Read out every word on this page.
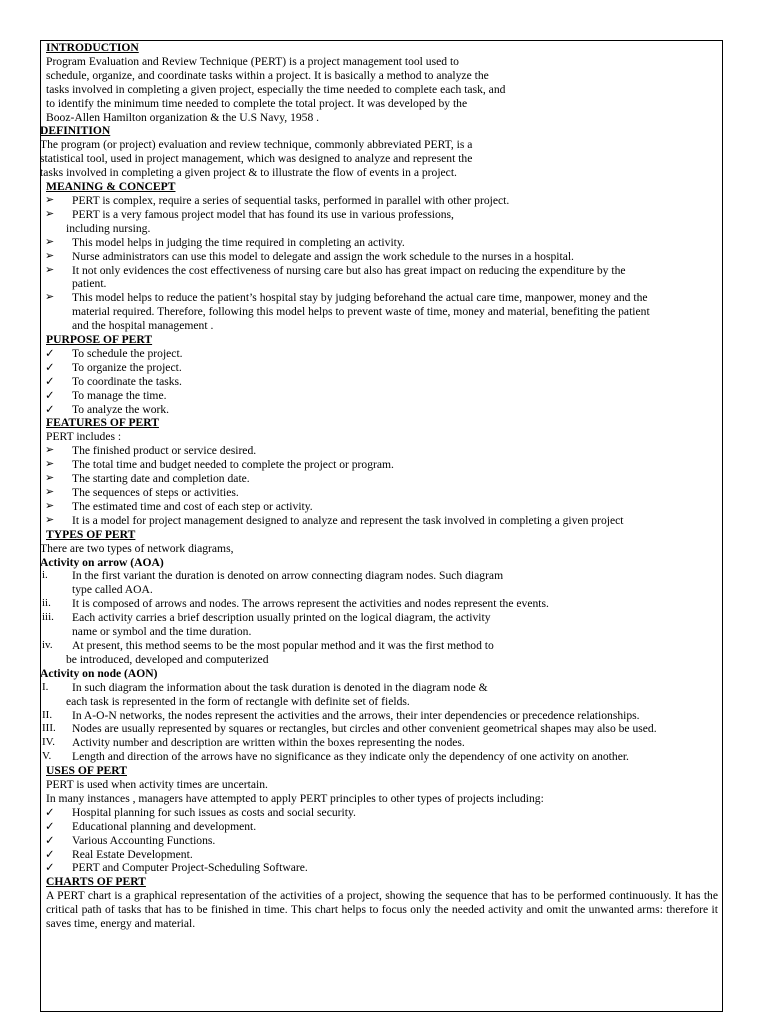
INTRODUCTION
Program Evaluation and Review Technique (PERT) is a project management tool used to
schedule, organize, and coordinate tasks within a project. It is basically a method to analyze the
tasks involved in completing a given project, especially the time needed to complete each task, and
to identify the minimum time needed to complete the total project. It was developed by the
Booz-Allen Hamilton organization & the U.S Navy, 1958 .
DEFINITION
The program (or project) evaluation and review technique, commonly abbreviated PERT, is a
statistical tool, used in project management, which was designed to analyze and represent the
tasks involved in completing a given project & to illustrate the flow of events in a project.
MEANING & CONCEPT
➢	PERT is complex, require a series of sequential tasks, performed in parallel with other project.
➢	PERT is a very famous project model that has found its use in various professions,
including nursing.
➢	This model helps in judging the time required in completing an activity.
➢	Nurse administrators can use this model to delegate and assign the work schedule to the nurses in a hospital.
➢	It not only evidences the cost effectiveness of nursing care but also has great impact on reducing the expenditure by the
patient.
➢	This model helps to reduce the patient’s hospital stay by judging beforehand the actual care time, manpower, money and the
material required. Therefore, following this model helps to prevent waste of time, money and material, benefiting the patient
and the hospital management .
PURPOSE OF PERT
✓	To schedule the project.
✓	To organize the project.
✓	To coordinate the tasks.
✓	To manage the time.
✓	To analyze the work.
FEATURES OF PERT
PERT includes :
➢	The finished product or service desired.
➢	The total time and budget needed to complete the project or program.
➢	The starting date and completion date.
➢	The sequences of steps or activities.
➢	The estimated time and cost of each step or activity.
➢	It is a model for project management designed to analyze and represent the task involved in completing a given project
TYPES OF PERT
There are two types of network diagrams,
Activity on arrow (AOA)
i.	In the first variant the duration is denoted on arrow connecting diagram nodes. Such diagram
type called AOA.
ii.	It is composed of arrows and nodes. The arrows represent the activities and nodes represent the events.
iii.	Each activity carries a brief description usually printed on the logical diagram, the activity
name or symbol and the time duration.
iv.	At present, this method seems to be the most popular method and it was the first method to
be introduced, developed and computerized
Activity on node (AON)
I.	In such diagram the information about the task duration is denoted in the diagram node &
each task is represented in the form of rectangle with definite set of fields.
II.	In A-O-N networks, the nodes represent the activities and the arrows, their inter dependencies or precedence relationships.
III.	Nodes are usually represented by squares or rectangles, but circles and other convenient geometrical shapes may also be used.
IV.	Activity number and description are written within the boxes representing the nodes.
V.	Length and direction of the arrows have no significance as they indicate only the dependency of one activity on another.
USES OF PERT
PERT is used when activity times are uncertain.
In many instances , managers have attempted to apply PERT principles to other types of projects including:
✓	Hospital planning for such issues as costs and social security.
✓	Educational planning and development.
✓	Various Accounting Functions.
✓	Real Estate Development.
✓	PERT and Computer Project-Scheduling Software.
CHARTS OF PERT
A PERT chart is a graphical representation of the activities of a project, showing the sequence that has to be performed continuously. It has the critical path of tasks that has to be finished in time. This chart helps to focus only the needed activity and omit the unwanted arms: therefore it saves time, energy and material.
